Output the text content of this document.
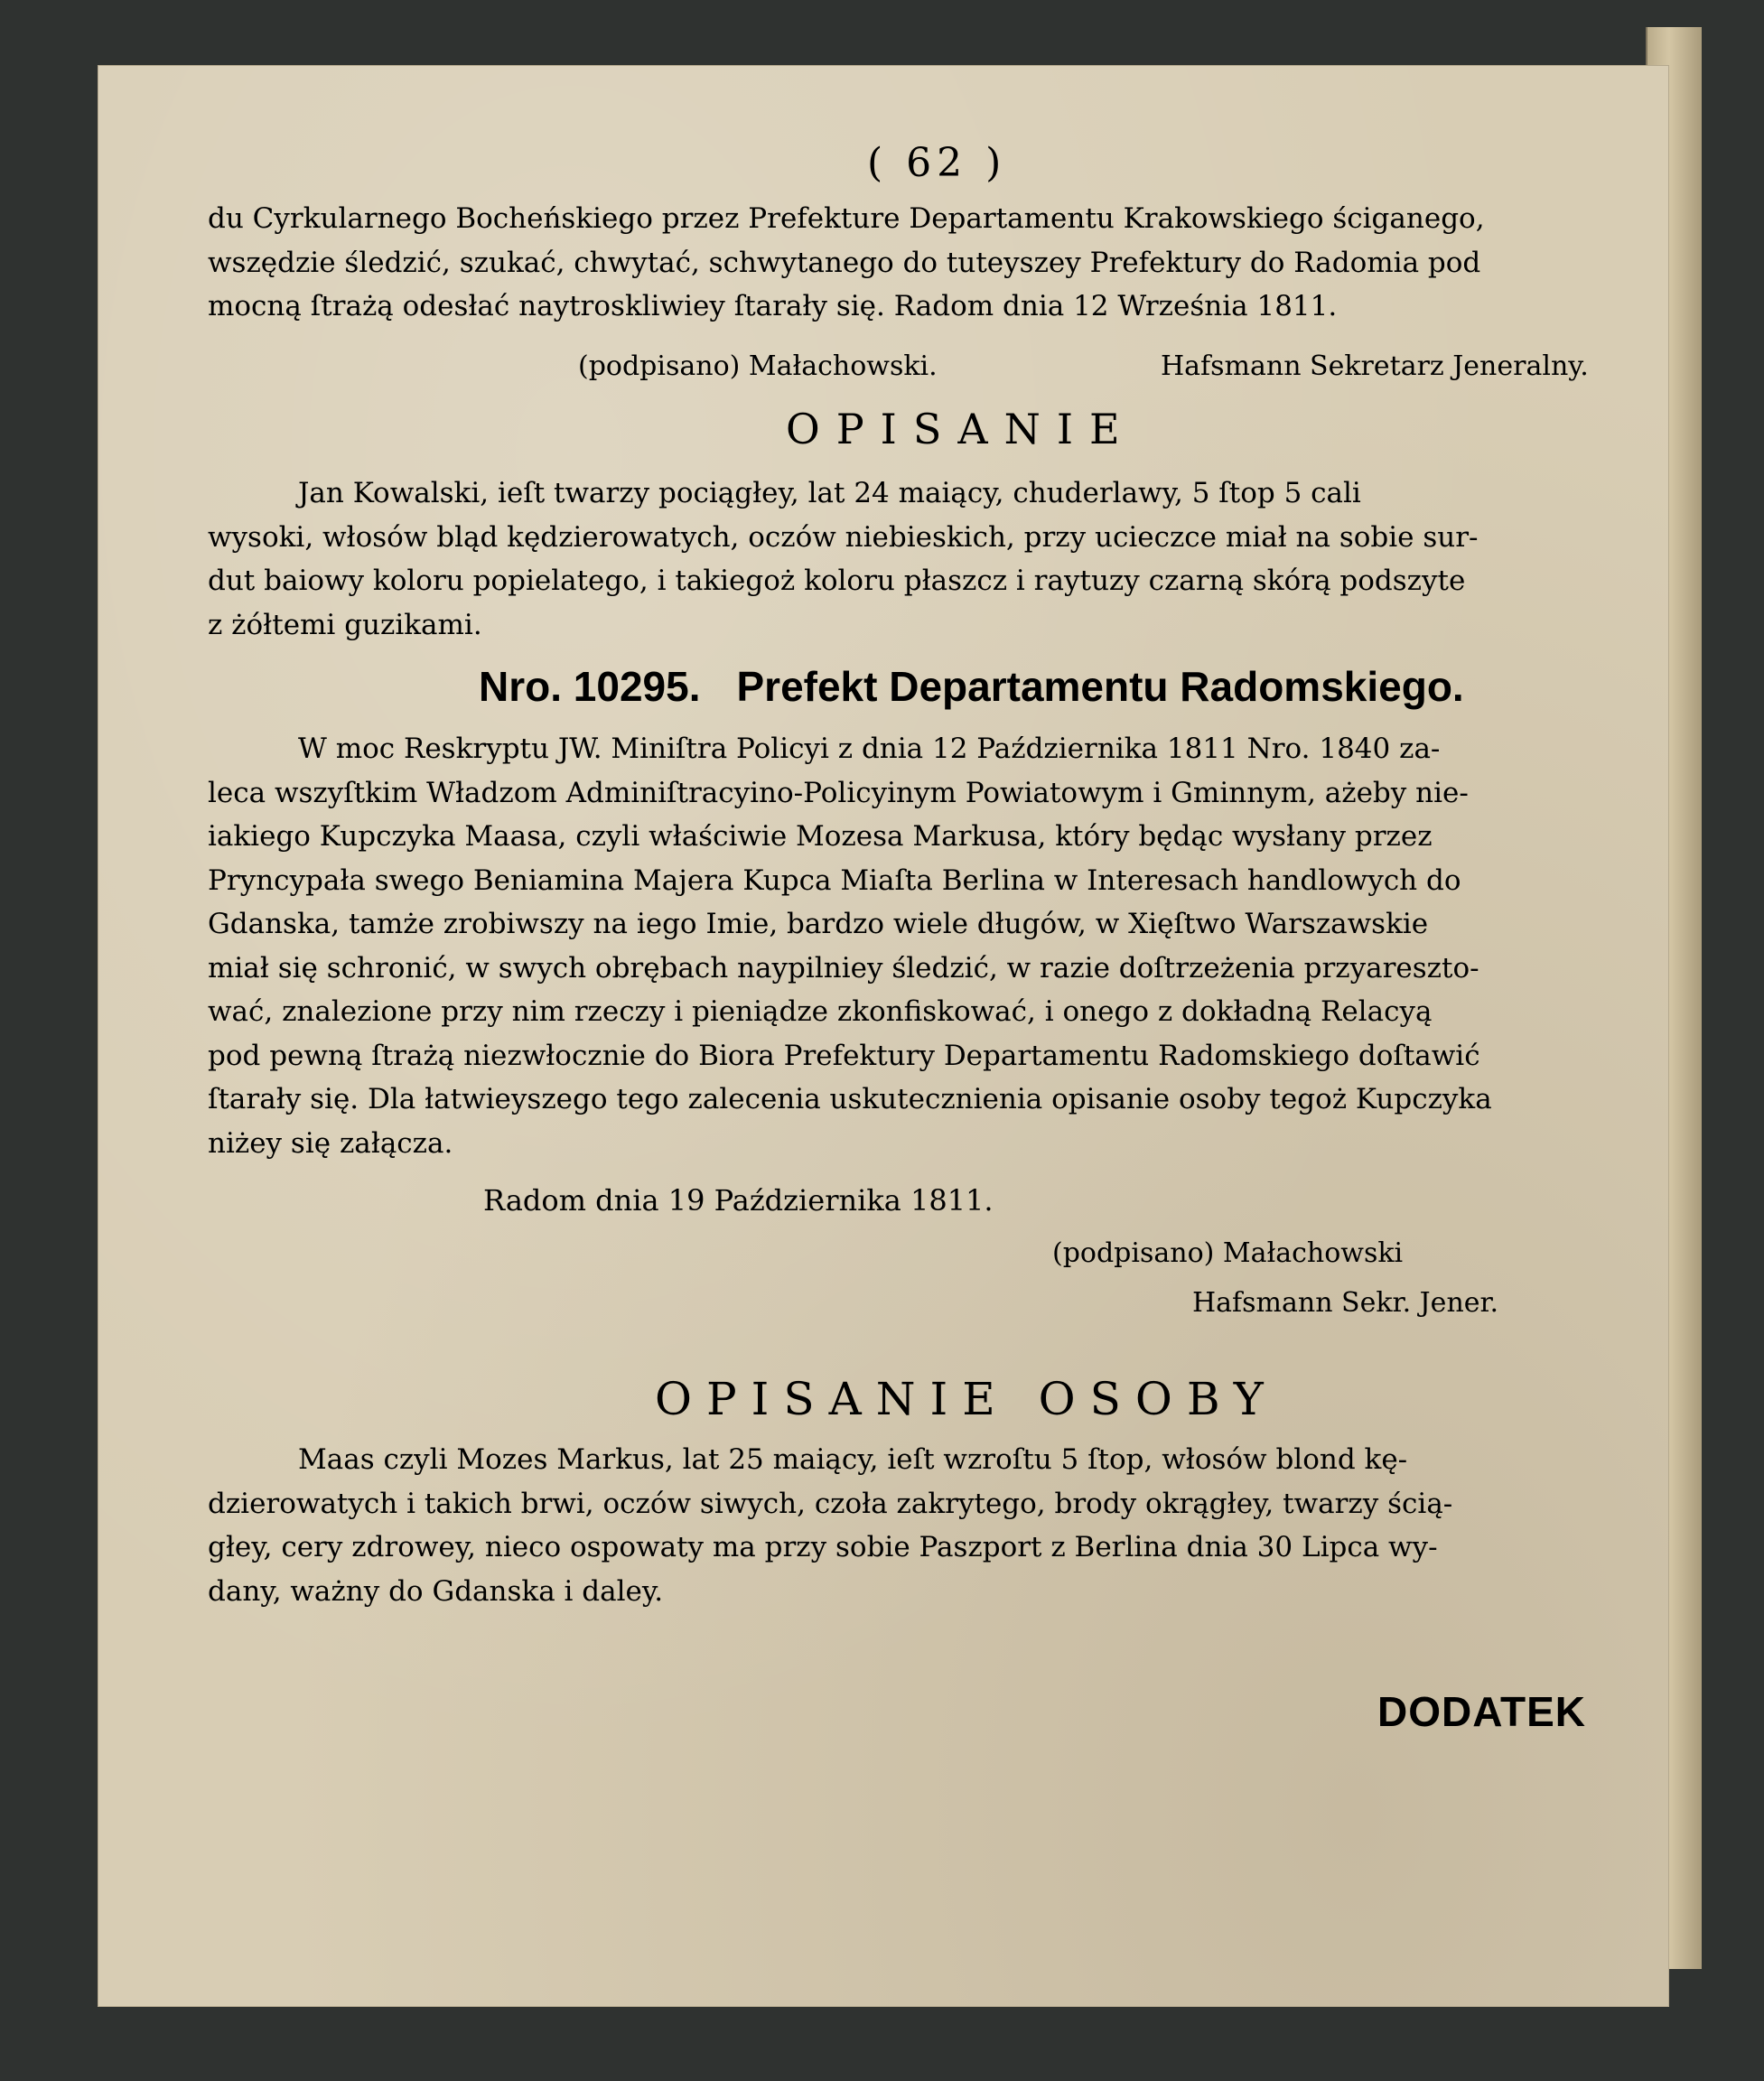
( 62 )
du Cyrkularnego Bocheńskiego przez Prefekture Departamentu Krakowskiego ściganego,
wszędzie śledzić, szukać, chwytać, schwytanego do tuteyszey Prefektury do Radomia pod
mocną ſtrażą odesłać naytroskliwiey ſtarały się. Radom dnia 12 Września 1811.
(podpisano) Małachowski.	Hafsmann Sekretarz Jeneralny.
OPISANIE
Jan Kowalski, ieſt twarzy pociągłey, lat 24 maiący, chuderlawy, 5 ſtop 5 cali
wysoki, włosów bląd kędzierowatych, oczów niebieskich, przy ucieczce miał na sobie sur-
dut baiowy koloru popielatego, i takiegoż koloru płaszcz i raytuzy czarną skórą podszyte
z żółtemi guzikami.
Nro. 10295. Prefekt Departamentu Radomskiego.
W moc Reskryptu JW. Miniſtra Policyi z dnia 12 Października 1811 Nro. 1840 za-
leca wszyſtkim Władzom Adminiſtracyino-Policyinym Powiatowym i Gminnym, ażeby nie-
iakiego Kupczyka Maasa, czyli właściwie Mozesa Markusa, który będąc wysłany przez
Pryncypała swego Beniamina Majera Kupca Miaſta Berlina w Interesach handlowych do
Gdanska, tamże zrobiwszy na iego Imie, bardzo wiele długów, w Xięſtwo Warszawskie
miał się schronić, w swych obrębach naypilniey śledzić, w razie doſtrzeżenia przyareszto-
wać, znalezione przy nim rzeczy i pieniądze zkonfiskować, i onego z dokładną Relacyą
pod pewną ſtrażą niezwłocznie do Biora Prefektury Departamentu Radomskiego doſtawić
ſtarały się. Dla łatwieyszego tego zalecenia uskutecznienia opisanie osoby tegoż Kupczyka
niżey się załącza.
Radom dnia 19 Października 1811.
(podpisano) Małachowski
Hafsmann Sekr. Jener.
OPISANIE OSOBY
Maas czyli Mozes Markus, lat 25 maiący, ieſt wzroſtu 5 ſtop, włosów blond kę-
dzierowatych i takich brwi, oczów siwych, czoła zakrytego, brody okrągłey, twarzy ścią-
głey, cery zdrowey, nieco ospowaty ma przy sobie Paszport z Berlina dnia 30 Lipca wy-
dany, ważny do Gdanska i daley.
DODATEK
